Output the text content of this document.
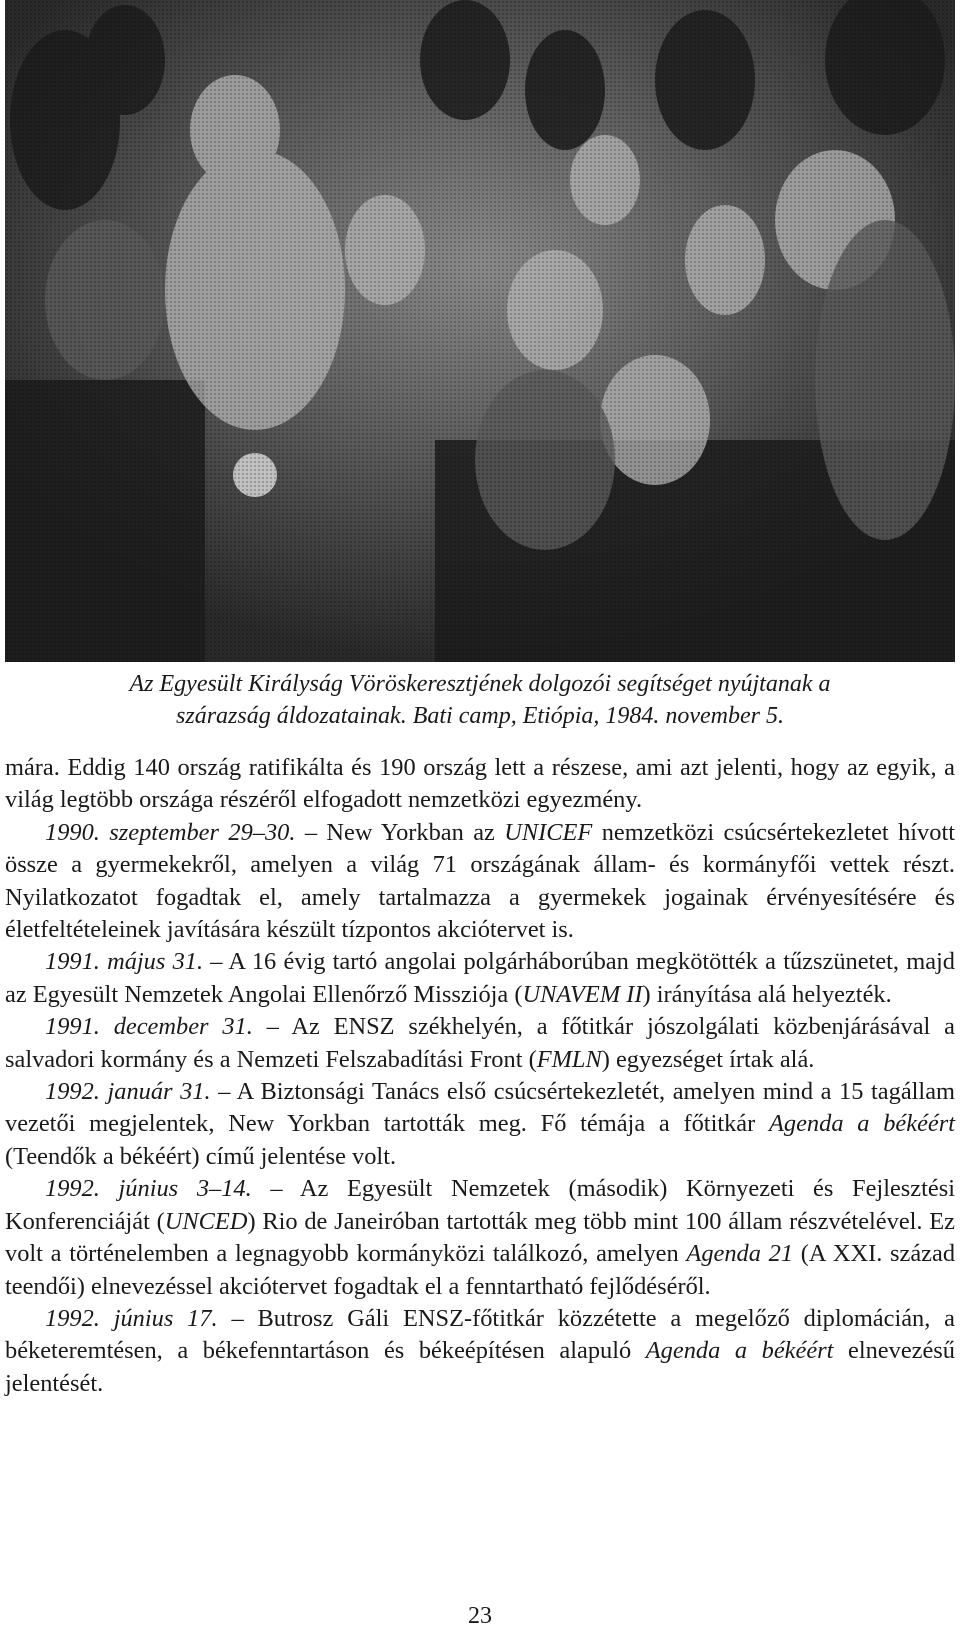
Az Egyesült Királyság Vöröskeresztjének dolgozói segítséget nyújtanak a
szárazság áldozatainak. Bati camp, Etiópia, 1984. november 5.

mára. Eddig 140 ország ratifikálta és 190 ország lett a részese, ami azt jelenti, hogy az egyik, a világ legtöbb országa részéről elfogadott nemzetközi egyezmény.

1990. szeptember 29–30. – New Yorkban az UNICEF nemzetközi csúcsértekezletet hívott össze a gyermekekről, amelyen a világ 71 országának állam- és kormányfői vettek részt. Nyilatkozatot fogadtak el, amely tartalmazza a gyermekek jogainak érvényesítésére és életfeltételeinek javítására készült tízpontos akciótervet is.

1991. május 31. – A 16 évig tartó angolai polgárháborúban megkötötték a tűzszünetet, majd az Egyesült Nemzetek Angolai Ellenőrző Missziója (UNAVEM II) irányítása alá helyezték.

1991. december 31. – Az ENSZ székhelyén, a főtitkár jószolgálati közbenjárásával a salvadori kormány és a Nemzeti Felszabadítási Front (FMLN) egyezséget írtak alá.

1992. január 31. – A Biztonsági Tanács első csúcsértekezletét, amelyen mind a 15 tagállam vezetői megjelentek, New Yorkban tartották meg. Fő témája a főtitkár Agenda a békéért (Teendők a békéért) című jelentése volt.

1992. június 3–14. – Az Egyesült Nemzetek (második) Környezeti és Fejlesztési Konferenciáját (UNCED) Rio de Janeiróban tartották meg több mint 100 állam részvételével. Ez volt a történelemben a legnagyobb kormányközi találkozó, amelyen Agenda 21 (A XXI. század teendői) elnevezéssel akciótervet fogadtak el a fenntartható fejlődéséről.

1992. június 17. – Butrosz Gáli ENSZ-főtitkár közzétette a megelőző diplomácián, a béketeremtésen, a békefenntartáson és békeépítésen alapuló Agenda a békéért elnevezésű jelentését.

23
